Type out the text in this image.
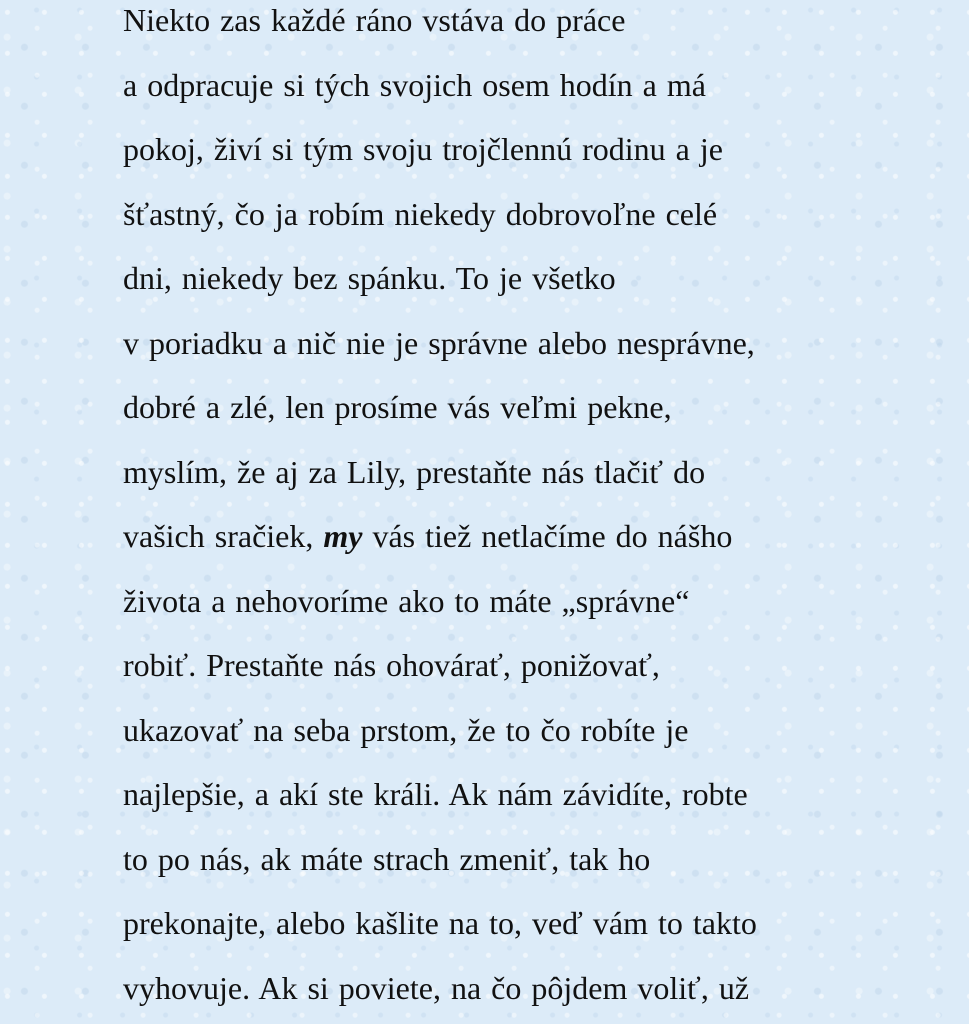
Niekto zas každé ráno vstáva do práce
a odpracuje si tých svojich osem hodín a má
pokoj, živí si tým svoju trojčlennú rodinu a je
šťastný, čo ja robím niekedy dobrovoľne celé
dni, niekedy bez spánku. To je všetko
v poriadku a nič nie je správne alebo nesprávne,
dobré a zlé, len prosíme vás veľmi pekne,
myslím, že aj za Lily, prestaňte nás tlačiť do
vašich sračiek, my vás tiež netlačíme do nášho
života a nehovoríme ako to máte „správne“
robiť. Prestaňte nás ohovárať, ponižovať,
ukazovať na seba prstom, že to čo robíte je
najlepšie, a akí ste králi. Ak nám závidíte, robte
to po nás, ak máte strach zmeniť, tak ho
prekonajte, alebo kašlite na to, veď vám to takto
vyhovuje. Ak si poviete, na čo pôjdem voliť, už
